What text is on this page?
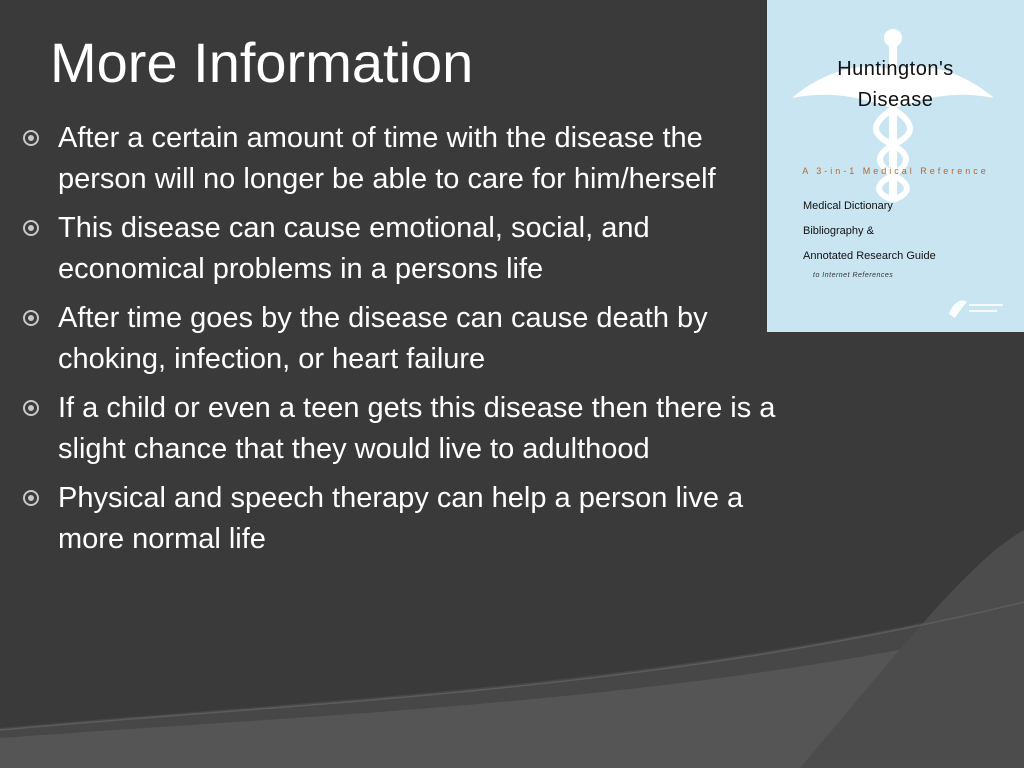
More Information
After a certain amount of time with the disease the person will no longer be able to care for him/herself
This disease can cause emotional, social, and economical problems in a persons life
After time goes by the disease can cause death by choking, infection, or heart failure
If a child or even a teen gets this disease then there is a slight chance that they would live to adulthood
Physical and speech therapy can help a person live a more normal life
Huntington's
Disease
A 3-in-1 Medical Reference
Medical Dictionary
Bibliography &
Annotated Research Guide
to Internet References
